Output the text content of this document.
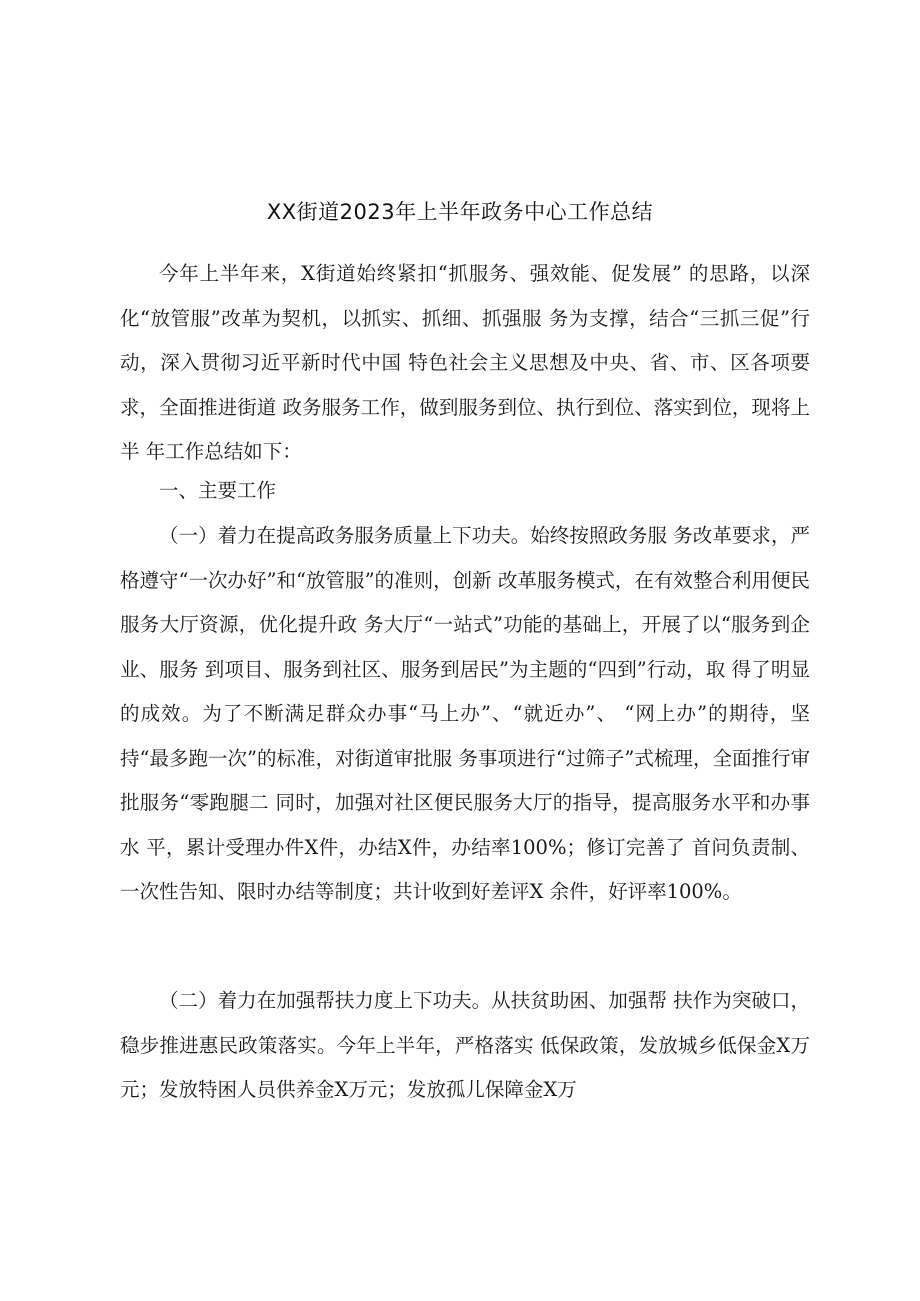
XX街道2023年上半年政务中心工作总结

今年上半年来，X街道始终紧扣“抓服务、强效能、促发展” 的思路，以深化“放管服”改革为契机，以抓实、抓细、抓强服 务为支撑，结合“三抓三促”行动，深入贯彻习近平新时代中国 特色社会主义思想及中央、省、市、区各项要求，全面推进街道 政务服务工作，做到服务到位、执行到位、落实到位，现将上半 年工作总结如下：

一、主要工作

（一）着力在提高政务服务质量上下功夫。始终按照政务服 务改革要求，严格遵守“一次办好”和“放管服”的准则，创新 改革服务模式，在有效整合利用便民服务大厅资源，优化提升政 务大厅“一站式”功能的基础上，开展了以“服务到企业、服务 到项目、服务到社区、服务到居民”为主题的“四到”行动，取 得了明显的成效。为了不断满足群众办事“马上办”、“就近办”、 “网上办”的期待，坚持“最多跑一次”的标准，对街道审批服 务事项进行“过筛子”式梳理，全面推行审批服务“零跑腿二 同时，加强对社区便民服务大厅的指导，提高服务水平和办事水 平，累计受理办件X件，办结X件，办结率100%；修订完善了 首问负责制、一次性告知、限时办结等制度；共计收到好差评X 余件，好评率100%。

（二）着力在加强帮扶力度上下功夫。从扶贫助困、加强帮 扶作为突破口，稳步推进惠民政策落实。今年上半年，严格落实 低保政策，发放城乡低保金X万元；发放特困人员供养金X万元；发放孤儿保障金X万
